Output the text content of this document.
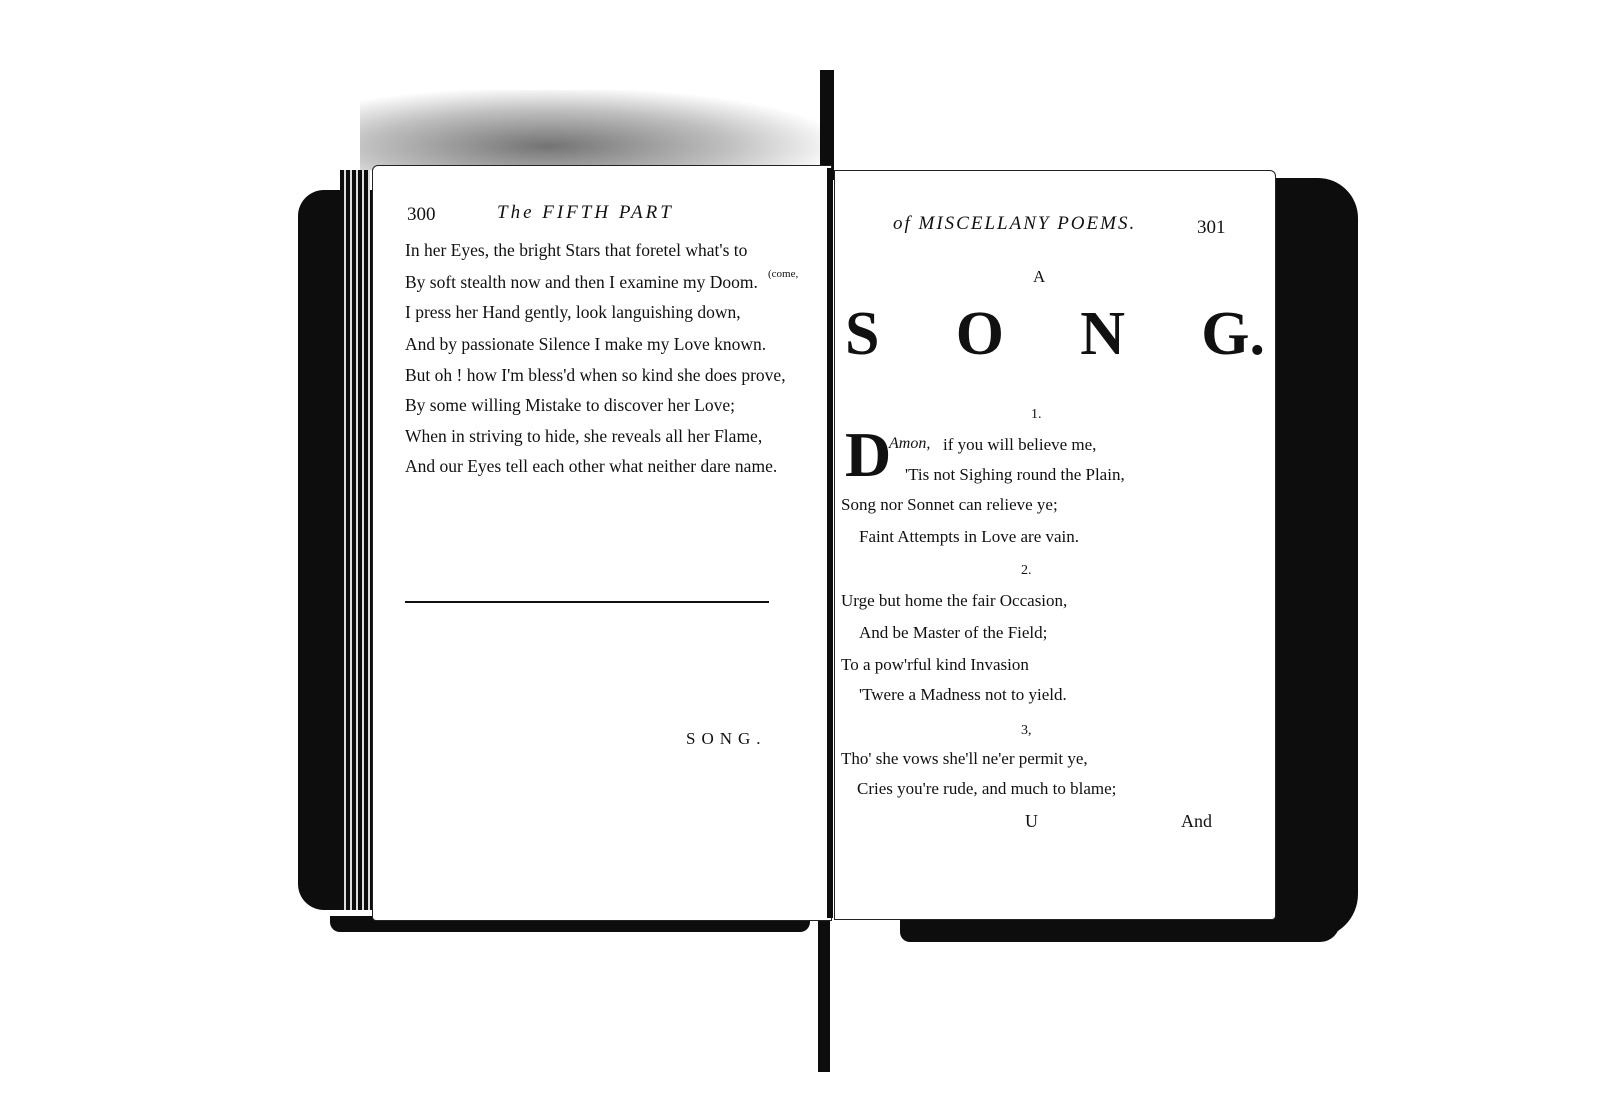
300	The FIFTH PART
(come,
In her Eyes, the bright Stars that foretel what's to
By soft stealth now and then I examine my Doom.
I press her Hand gently, look languishing down,
And by passionate Silence I make my Love known.
But oh ! how I'm bless'd when so kind she does prove,
By some willing Mistake to discover her Love;
When in striving to hide, she reveals all her Flame,
And our Eyes tell each other what neither dare name.
SONG.
of MISCELLANY POEMS.	301
A
S O N G.
1.
D
Amon, if you will believe me,
'Tis not Sighing round the Plain,
Song nor Sonnet can relieve ye;
Faint Attempts in Love are vain.
2.
Urge but home the fair Occasion,
And be Master of the Field;
To a pow'rful kind Invasion
'Twere a Madness not to yield.
3,
Tho' she vows she'll ne'er permit ye,
Cries you're rude, and much to blame;
U	And
